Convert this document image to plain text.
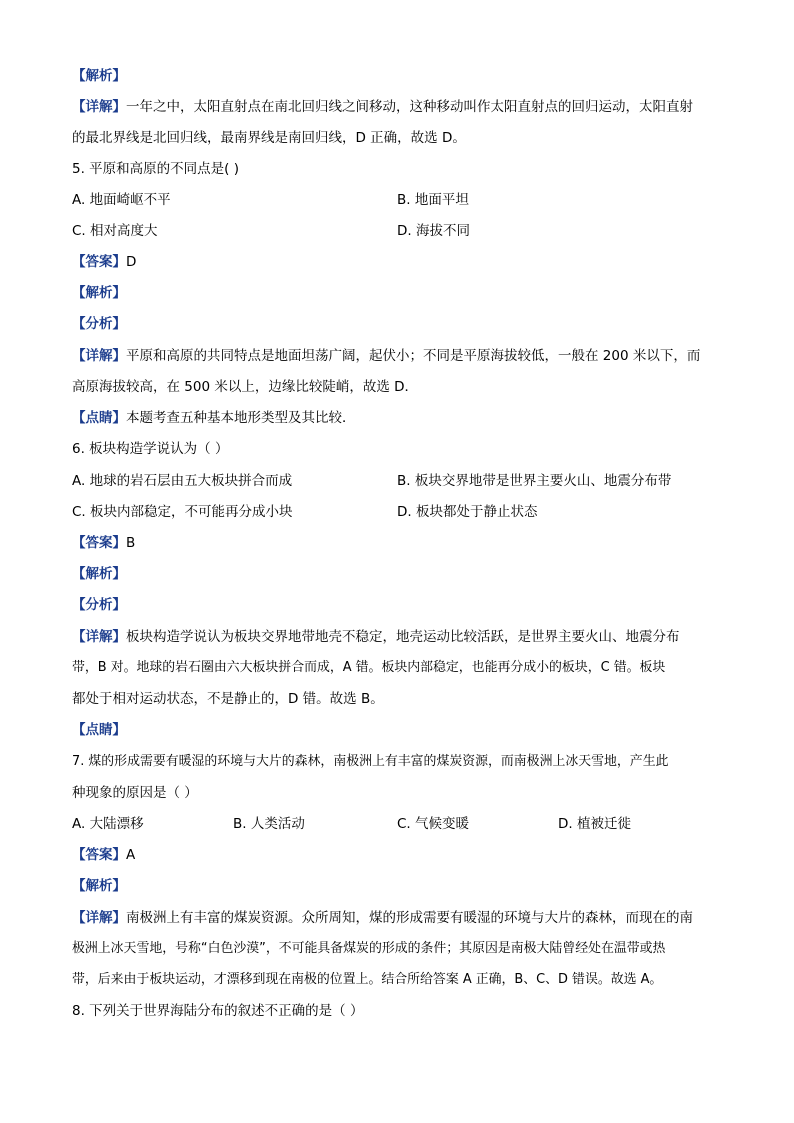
【解析】
【详解】一年之中，太阳直射点在南北回归线之间移动，这种移动叫作太阳直射点的回归运动，太阳直射
的最北界线是北回归线，最南界线是南回归线，D 正确，故选 D。
5. 平原和高原的不同点是( )
A. 地面崎岖不平	B. 地面平坦
C. 相对高度大	D. 海拔不同
【答案】D
【解析】
【分析】
【详解】平原和高原的共同特点是地面坦荡广阔，起伏小；不同是平原海拔较低，一般在 200 米以下，而
高原海拔较高，在 500 米以上，边缘比较陡峭，故选 D．
【点睛】本题考查五种基本地形类型及其比较．
6. 板块构造学说认为（ ）
A. 地球的岩石层由五大板块拼合而成	B. 板块交界地带是世界主要火山、地震分布带
C. 板块内部稳定，不可能再分成小块	D. 板块都处于静止状态
【答案】B
【解析】
【分析】
【详解】板块构造学说认为板块交界地带地壳不稳定，地壳运动比较活跃，是世界主要火山、地震分布
带，B 对。地球的岩石圈由六大板块拼合而成，A 错。板块内部稳定，也能再分成小的板块，C 错。板块
都处于相对运动状态，不是静止的，D 错。故选 B。
【点睛】
7. 煤的形成需要有暖湿的环境与大片的森林，南极洲上有丰富的煤炭资源，而南极洲上冰天雪地，产生此
种现象的原因是（ ）
A. 大陆漂移	B. 人类活动	C. 气候变暖	D. 植被迁徙
【答案】A
【解析】
【详解】南极洲上有丰富的煤炭资源。众所周知，煤的形成需要有暖湿的环境与大片的森林，而现在的南
极洲上冰天雪地，号称“白色沙漠”，不可能具备煤炭的形成的条件；其原因是南极大陆曾经处在温带或热
带，后来由于板块运动，才漂移到现在南极的位置上。结合所给答案 A 正确，B、C、D 错误。故选 A。
8. 下列关于世界海陆分布的叙述不正确的是（ ）
